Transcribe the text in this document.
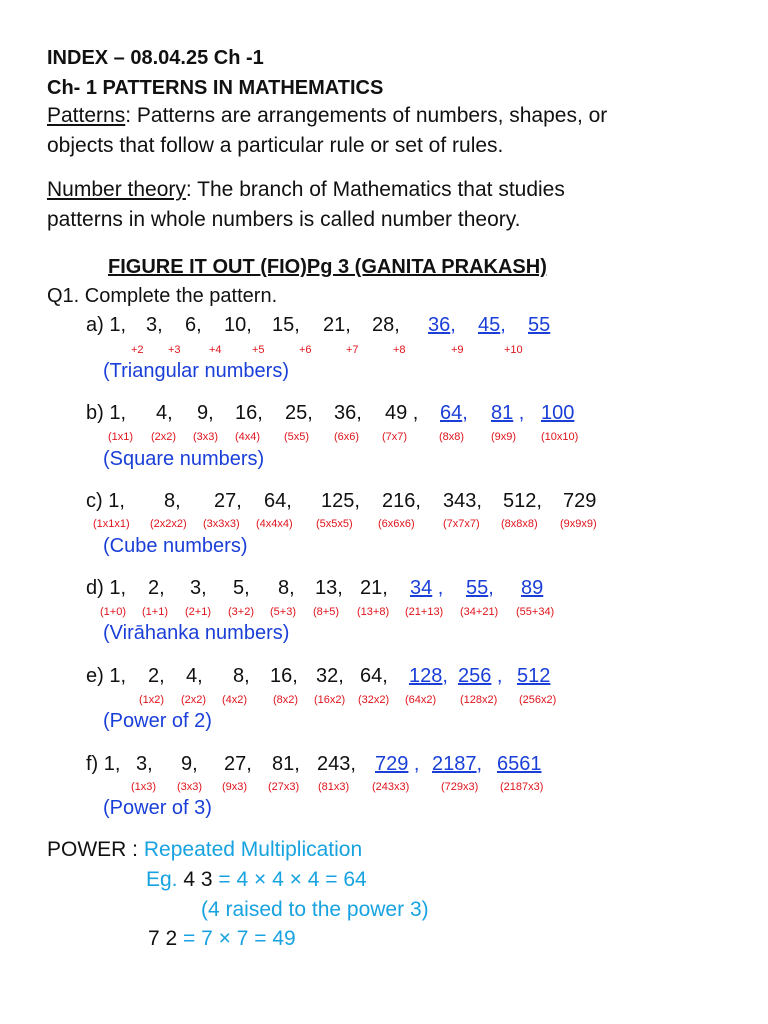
INDEX – 08.04.25 Ch -1
Ch- 1 PATTERNS IN MATHEMATICS
Patterns: Patterns are arrangements of numbers, shapes, or
objects that follow a particular rule or set of rules.
Number theory: The branch of Mathematics that studies
patterns in whole numbers is called number theory.
FIGURE IT OUT (FIO)Pg 3 (GANITA PRAKASH)
Q1. Complete the pattern.
a) 1, 3, 6, 10, 15, 21, 28, 36, 45, 55
+2 +3	+4	+5	+6	+7	+8	+9	+10
(Triangular numbers)
b) 1, 4, 9, 16, 25, 36, 49 , 64, 81 , 100
(1x1) (2x2) (3x3) (4x4) (5x5) (6x6) (7x7)	(8x8) (9x9) (10x10)
(Square numbers)
c) 1, 8, 27, 64, 125, 216, 343, 512, 729
(1x1x1) (2x2x2) (3x3x3) (4x4x4) (5x5x5) (6x6x6)	(7x7x7) (8x8x8) (9x9x9)
(Cube numbers)
d) 1, 2, 3, 5, 8, 13, 21, 34 , 55, 89
(1+0) (1+1) (2+1) (3+2) (5+3) (8+5) (13+8) (21+13) (34+21) (55+34)
(Virāhanka numbers)
e) 1, 2, 4, 8, 16, 32, 64, 128, 256 , 512
(1x2) (2x2) (4x2) (8x2) (16x2) (32x2) (64x2) (128x2) (256x2)
(Power of 2)
f) 1, 3, 9, 27, 81, 243, 729 , 2187, 6561
(1x3) (3x3) (9x3) (27x3) (81x3) (243x3)	(729x3) (2187x3)
(Power of 3)
POWER : Repeated Multiplication
Eg. 4 3 = 4 × 4 × 4 = 64
(4 raised to the power 3)
7 2 = 7 × 7 = 49
